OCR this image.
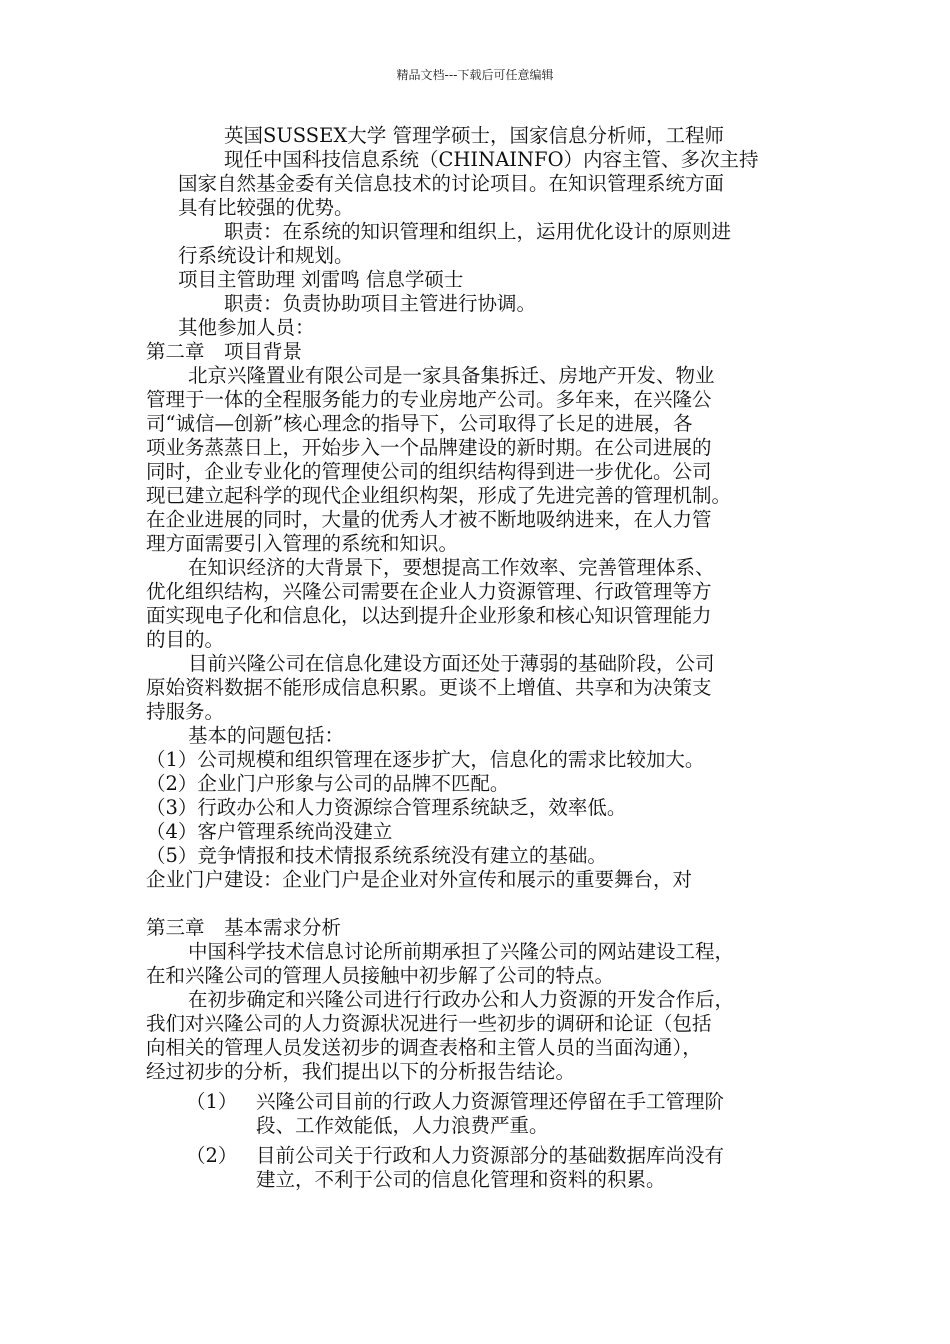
精品文档---下载后可任意编辑
英国SUSSEX大学 管理学硕士，国家信息分析师，工程师
现任中国科技信息系统（CHINAINFO）内容主管、多次主持
国家自然基金委有关信息技术的讨论项目。在知识管理系统方面
具有比较强的优势。
职责：在系统的知识管理和组织上，运用优化设计的原则进
行系统设计和规划。
项目主管助理 刘雷鸣 信息学硕士
职责：负责协助项目主管进行协调。
其他参加人员：
第二章 项目背景
北京兴隆置业有限公司是一家具备集拆迁、房地产开发、物业
管理于一体的全程服务能力的专业房地产公司。多年来，在兴隆公
司“诚信—创新”核心理念的指导下，公司取得了长足的进展，各
项业务蒸蒸日上，开始步入一个品牌建设的新时期。在公司进展的
同时，企业专业化的管理使公司的组织结构得到进一步优化。公司
现已建立起科学的现代企业组织构架，形成了先进完善的管理机制。
在企业进展的同时，大量的优秀人才被不断地吸纳进来，在人力管
理方面需要引入管理的系统和知识。
在知识经济的大背景下，要想提高工作效率、完善管理体系、
优化组织结构，兴隆公司需要在企业人力资源管理、行政管理等方
面实现电子化和信息化，以达到提升企业形象和核心知识管理能力
的目的。
目前兴隆公司在信息化建设方面还处于薄弱的基础阶段，公司
原始资料数据不能形成信息积累。更谈不上增值、共享和为决策支
持服务。
基本的问题包括：
（1）公司规模和组织管理在逐步扩大，信息化的需求比较加大。
（2）企业门户形象与公司的品牌不匹配。
（3）行政办公和人力资源综合管理系统缺乏，效率低。
（4）客户管理系统尚没建立
（5）竞争情报和技术情报系统系统没有建立的基础。
企业门户建设：企业门户是企业对外宣传和展示的重要舞台，对
第三章 基本需求分析
中国科学技术信息讨论所前期承担了兴隆公司的网站建设工程，
在和兴隆公司的管理人员接触中初步解了公司的特点。
在初步确定和兴隆公司进行行政办公和人力资源的开发合作后，
我们对兴隆公司的人力资源状况进行一些初步的调研和论证（包括
向相关的管理人员发送初步的调查表格和主管人员的当面沟通），
经过初步的分析，我们提出以下的分析报告结论。
（1） 兴隆公司目前的行政人力资源管理还停留在手工管理阶
段、工作效能低，人力浪费严重。
（2） 目前公司关于行政和人力资源部分的基础数据库尚没有
建立，不利于公司的信息化管理和资料的积累。
